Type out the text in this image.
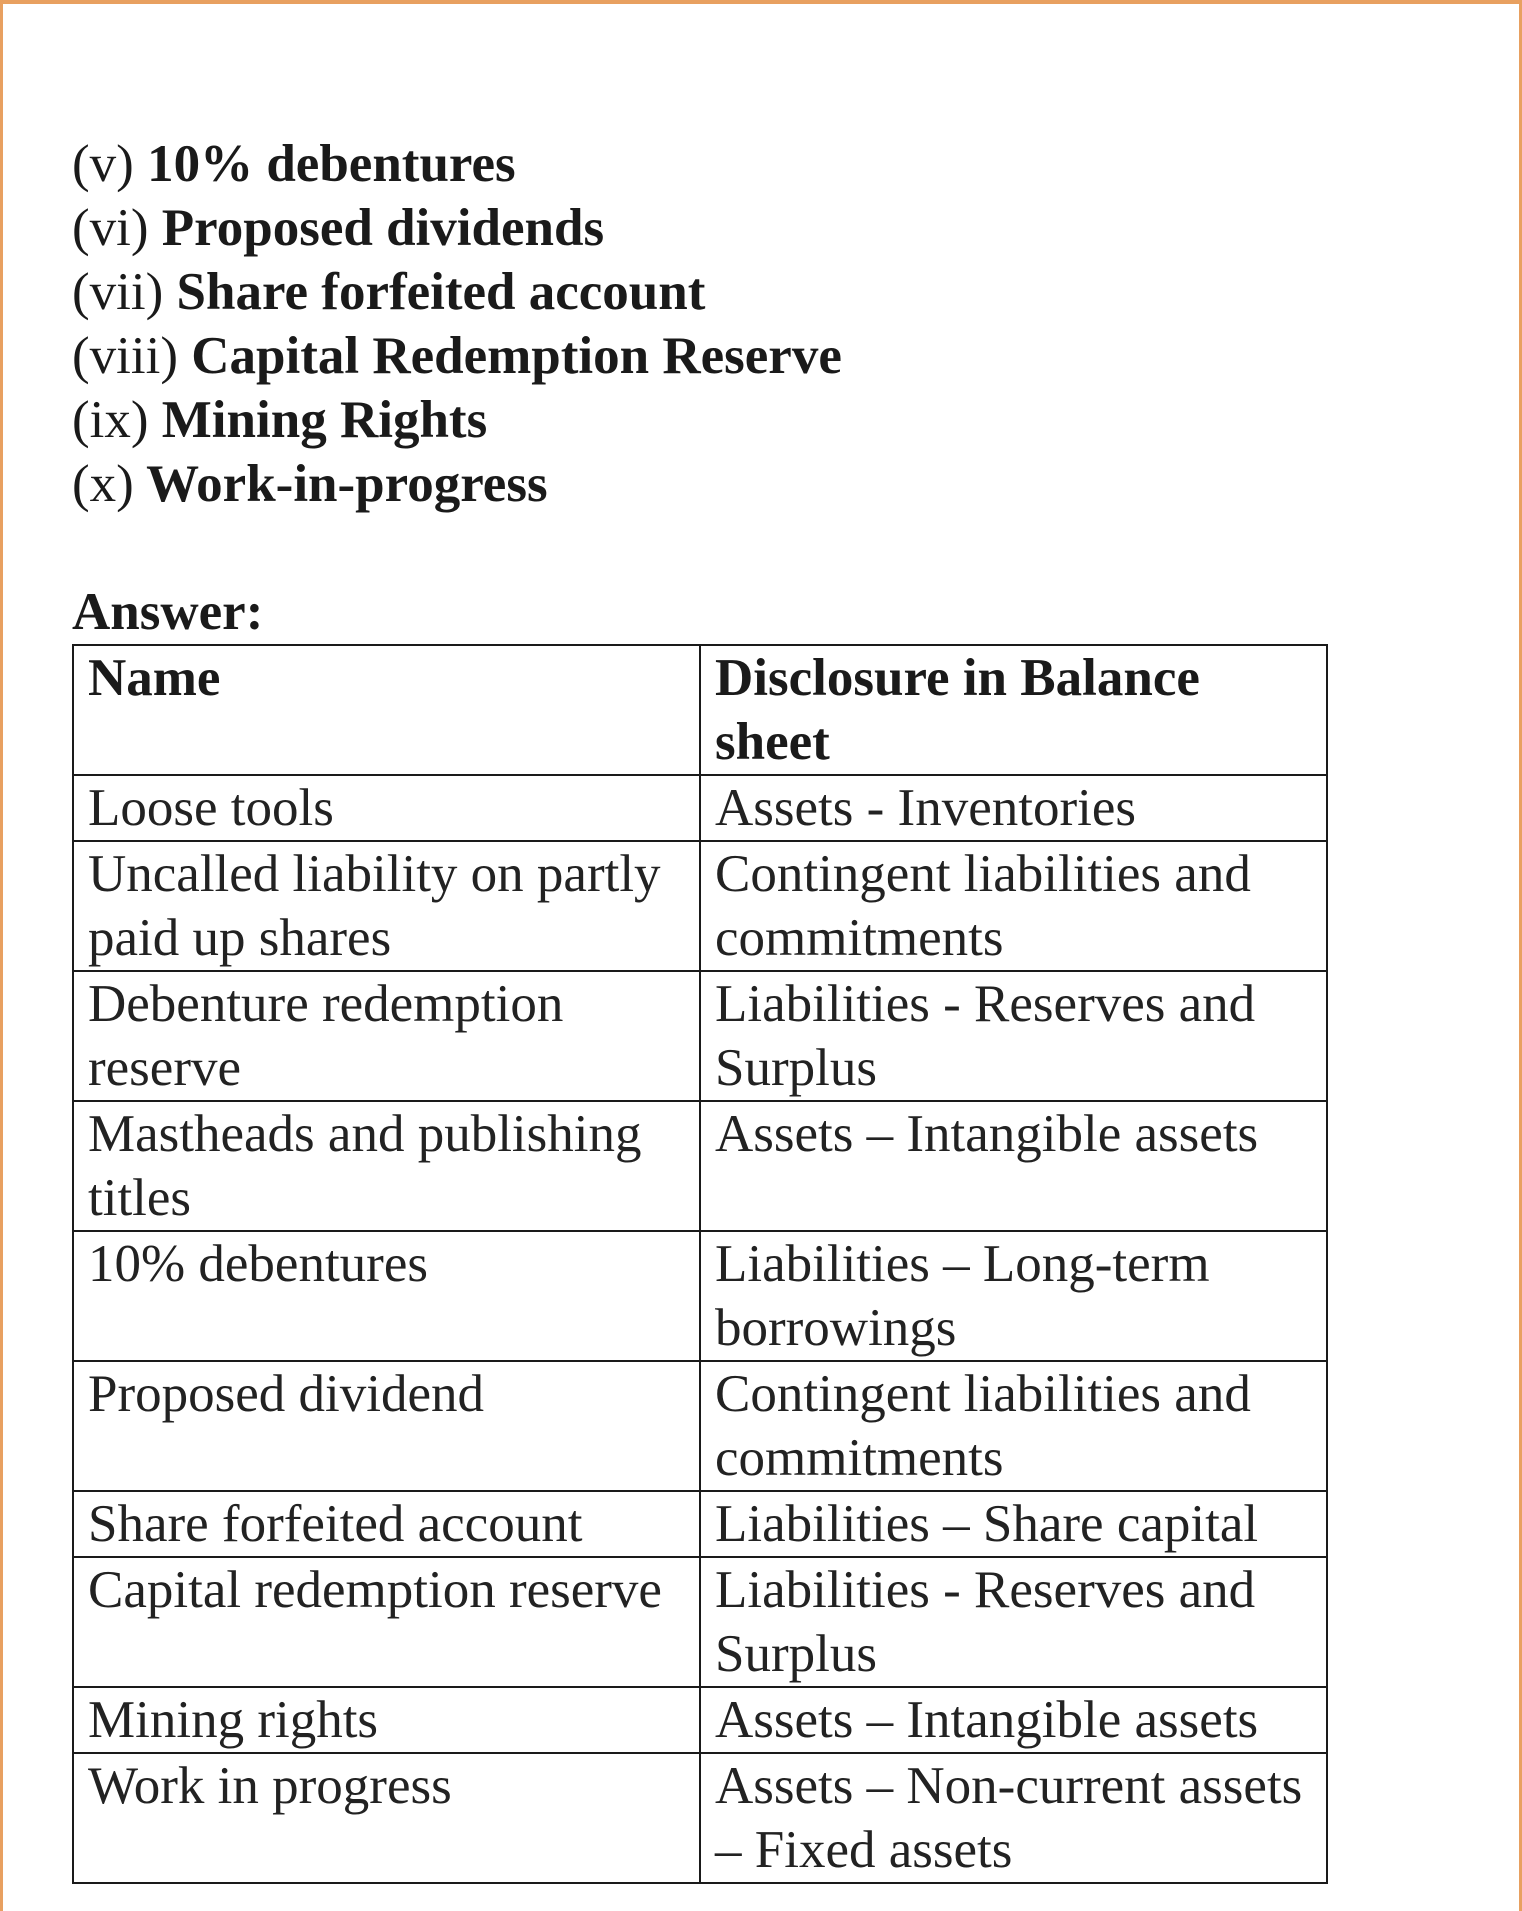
(v) 10% debentures
(vi) Proposed dividends
(vii) Share forfeited account
(viii) Capital Redemption Reserve
(ix) Mining Rights
(x) Work-in-progress

Answer:

Name	Disclosure in Balance sheet
Loose tools	Assets - Inventories
Uncalled liability on partly paid up shares	Contingent liabilities and commitments
Debenture redemption reserve	Liabilities - Reserves and Surplus
Mastheads and publishing titles	Assets – Intangible assets
10% debentures	Liabilities – Long-term borrowings
Proposed dividend	Contingent liabilities and commitments
Share forfeited account	Liabilities – Share capital
Capital redemption reserve	Liabilities - Reserves and Surplus
Mining rights	Assets – Intangible assets
Work in progress	Assets – Non-current assets – Fixed assets
